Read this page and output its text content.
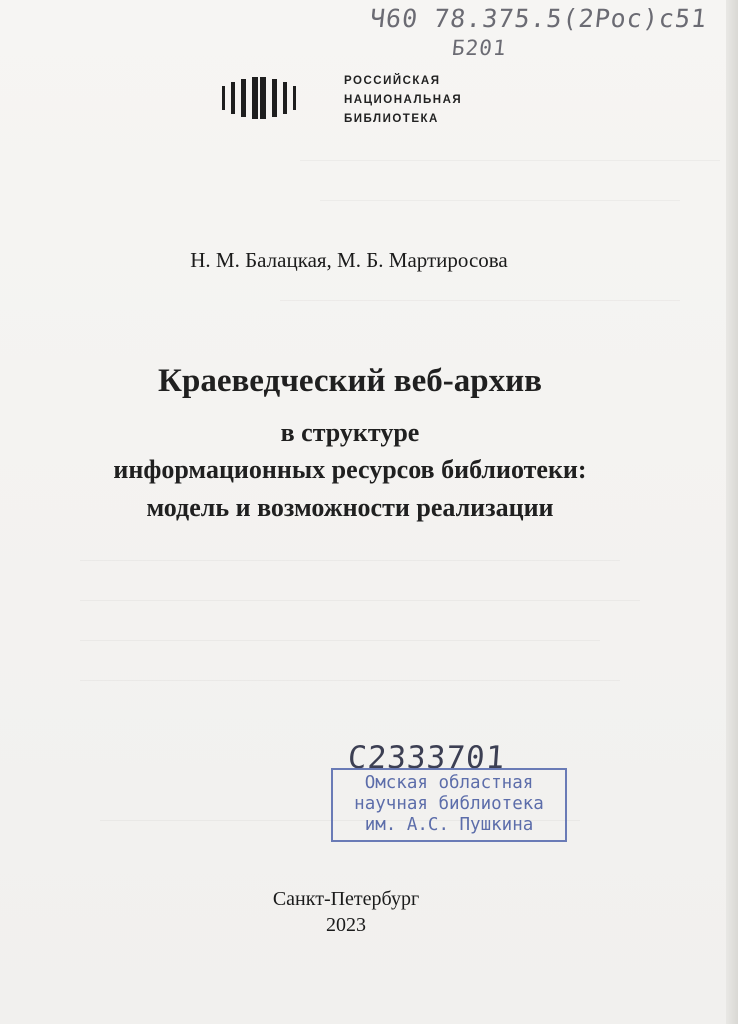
Ч60 78.375.5(2Рос)с51
Б201
РОССИЙСКАЯ
НАЦИОНАЛЬНАЯ
БИБЛИОТЕКА
Н. М. Балацкая, М. Б. Мартиросова
Краеведческий веб-архив
в структуре
информационных ресурсов библиотеки:
модель и возможности реализации
С2333701
Омская областная
научная библиотека
им. А.С. Пушкина
Санкт-Петербург
2023
